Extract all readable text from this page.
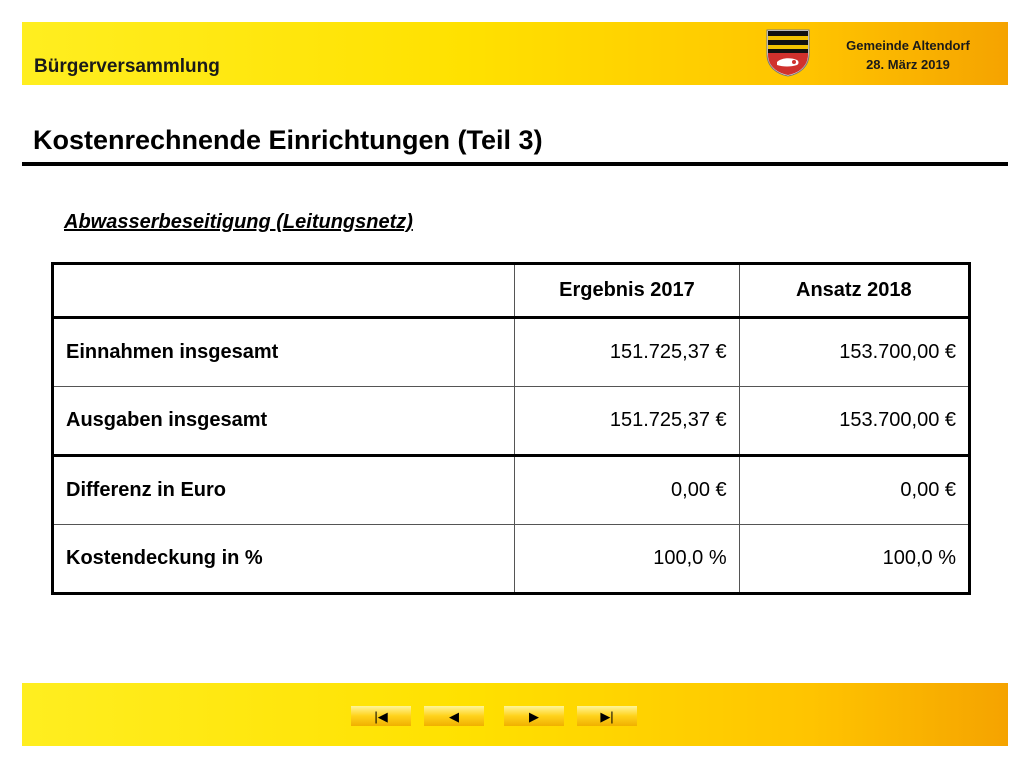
Bürgerversammlung
Gemeinde Altendorf
28. März 2019
Kostenrechnende Einrichtungen (Teil 3)
Abwasserbeseitigung (Leitungsnetz)
	Ergebnis 2017	Ansatz 2018
Einnahmen insgesamt	151.725,37 €	153.700,00 €
Ausgaben insgesamt	151.725,37 €	153.700,00 €
Differenz in Euro	0,00 €	0,00 €
Kostendeckung in %	100,0 %	100,0 %
|◀	◀	▶	▶|
